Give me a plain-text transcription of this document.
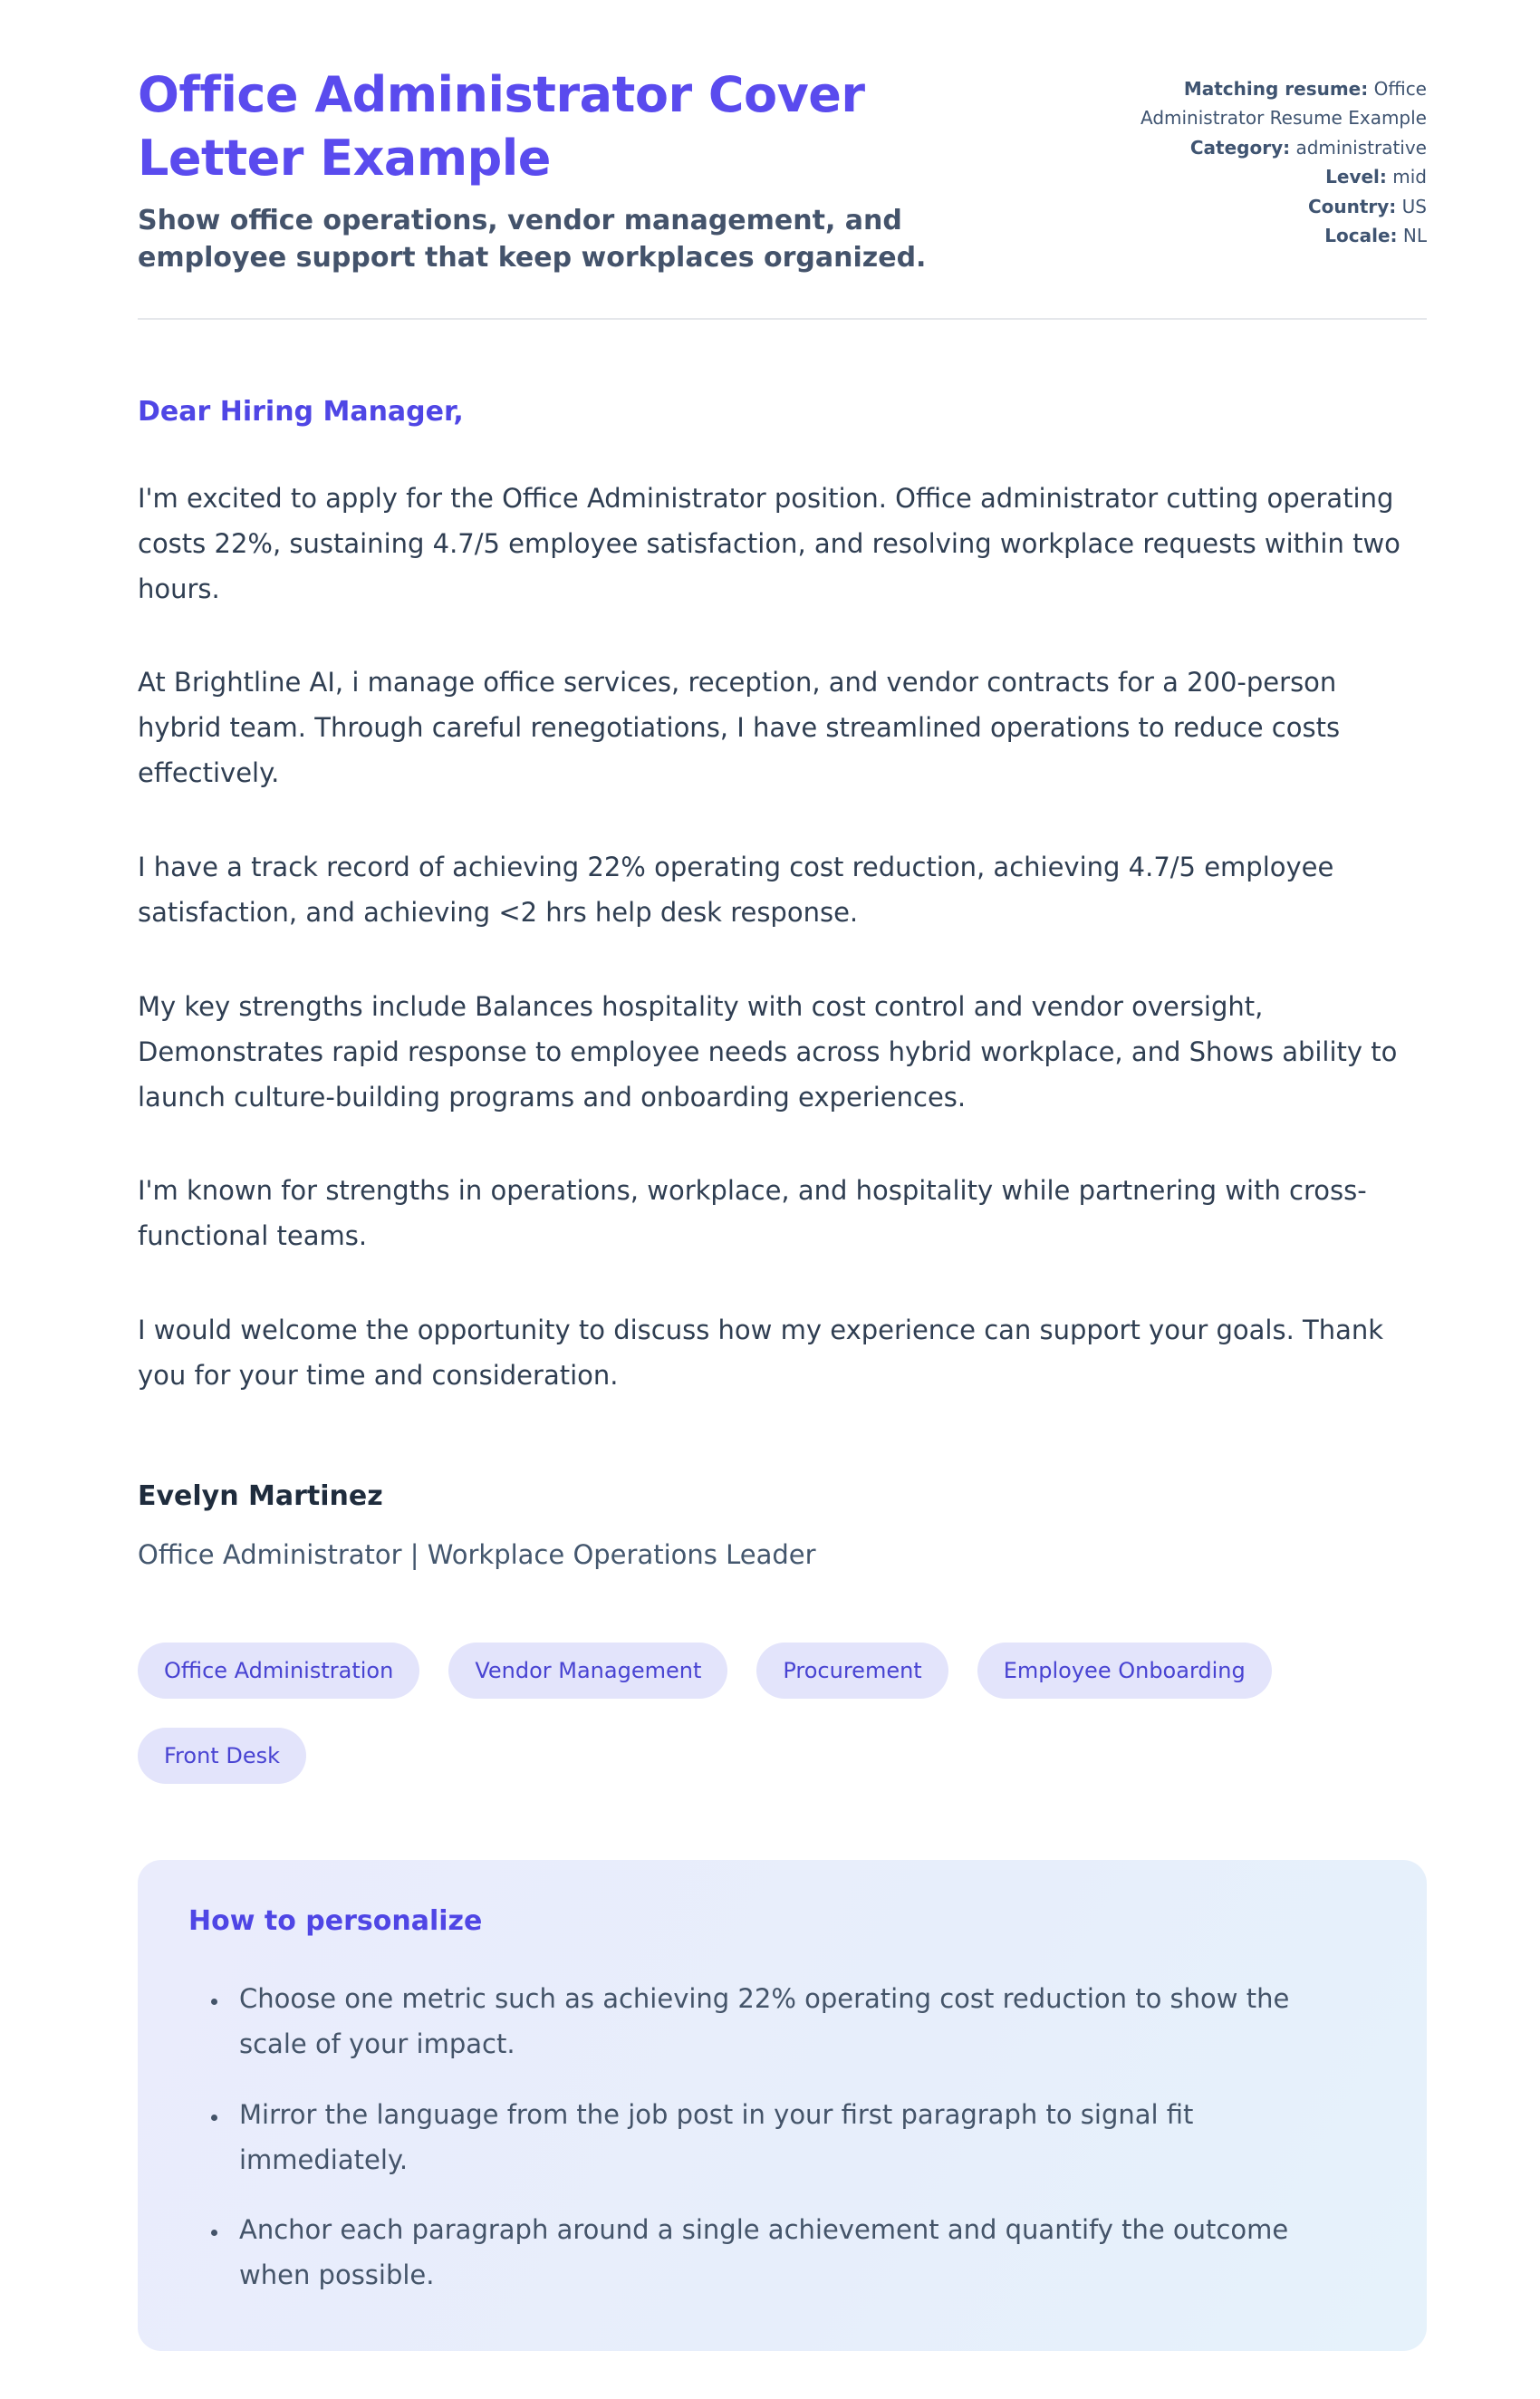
Office Administrator Cover Letter Example

Show office operations, vendor management, and employee support that keep workplaces organized.

Matching resume: Office Administrator Resume Example
Category: administrative
Level: mid
Country: US
Locale: NL
Dear Hiring Manager,

I'm excited to apply for the Office Administrator position. Office administrator cutting operating costs 22%, sustaining 4.7/5 employee satisfaction, and resolving workplace requests within two hours.

At Brightline AI, i manage office services, reception, and vendor contracts for a 200-person hybrid team. Through careful renegotiations, I have streamlined operations to reduce costs effectively.

I have a track record of achieving 22% operating cost reduction, achieving 4.7/5 employee satisfaction, and achieving <2 hrs help desk response.

My key strengths include Balances hospitality with cost control and vendor oversight, Demonstrates rapid response to employee needs across hybrid workplace, and Shows ability to launch culture-building programs and onboarding experiences.

I'm known for strengths in operations, workplace, and hospitality while partnering with cross-functional teams.

I would welcome the opportunity to discuss how my experience can support your goals. Thank you for your time and consideration.

Evelyn Martinez
Office Administrator | Workplace Operations Leader
Office Administration	Vendor Management	Procurement	Employee Onboarding
Front Desk
How to personalize
• Choose one metric such as achieving 22% operating cost reduction to show the scale of your impact.
• Mirror the language from the job post in your first paragraph to signal fit immediately.
• Anchor each paragraph around a single achievement and quantify the outcome when possible.
